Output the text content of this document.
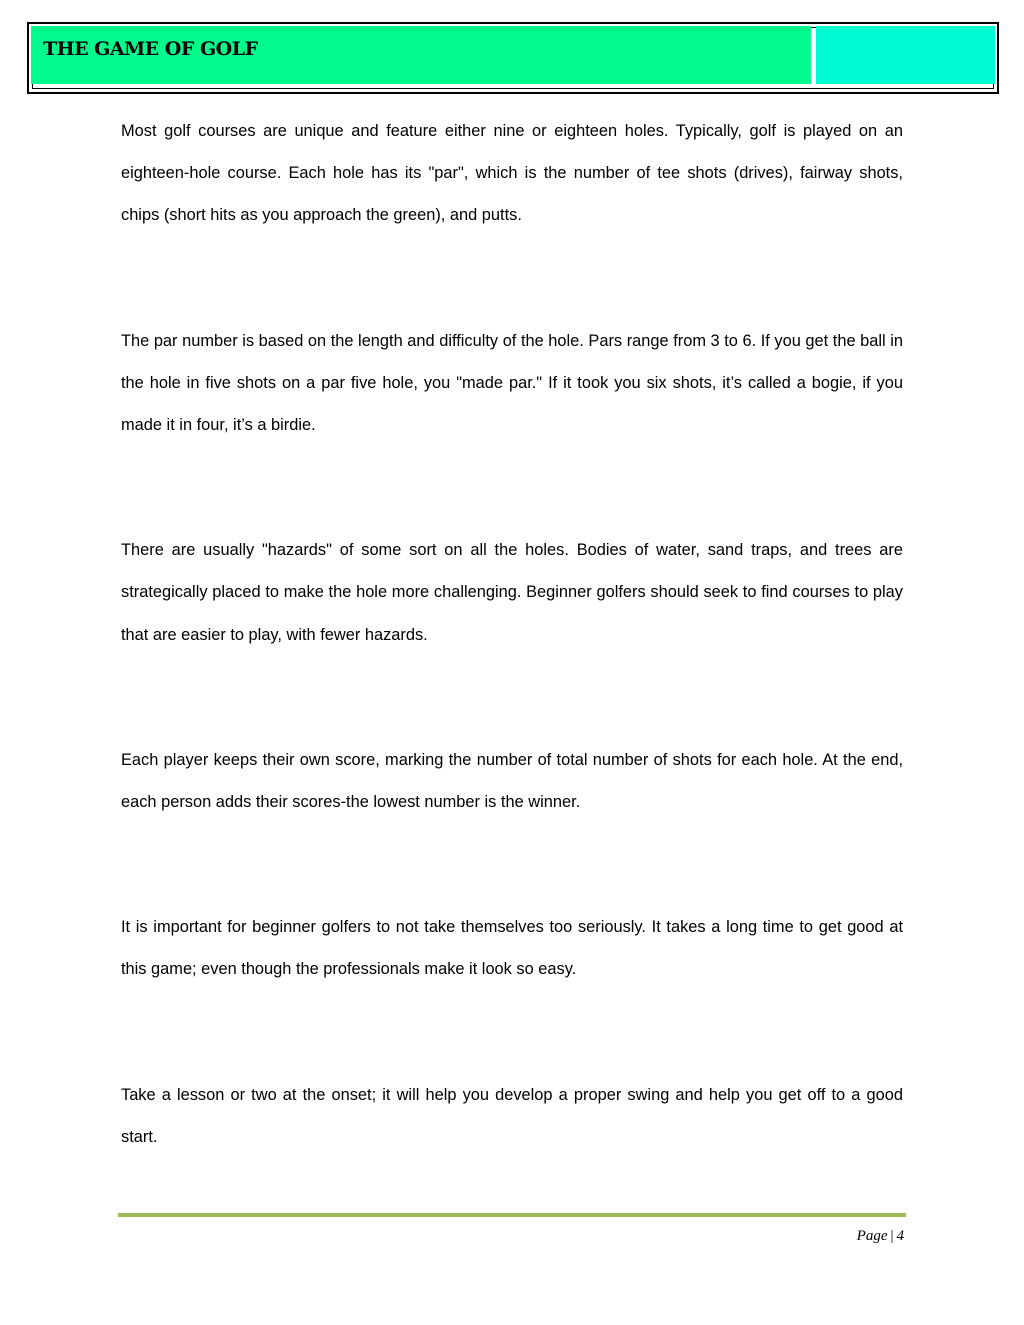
THE GAME OF GOLF

Most golf courses are unique and feature either nine or eighteen holes. Typically, golf is played on an eighteen-hole course. Each hole has its "par", which is the number of tee shots (drives), fairway shots, chips (short hits as you approach the green), and putts.

The par number is based on the length and difficulty of the hole. Pars range from 3 to 6. If you get the ball in the hole in five shots on a par five hole, you "made par." If it took you six shots, it’s called a bogie, if you made it in four, it’s a birdie.

There are usually "hazards" of some sort on all the holes. Bodies of water, sand traps, and trees are strategically placed to make the hole more challenging. Beginner golfers should seek to find courses to play that are easier to play, with fewer hazards.

Each player keeps their own score, marking the number of total number of shots for each hole. At the end, each person adds their scores-the lowest number is the winner.

It is important for beginner golfers to not take themselves too seriously. It takes a long time to get good at this game; even though the professionals make it look so easy.

Take a lesson or two at the onset; it will help you develop a proper swing and help you get off to a good start.

Page | 4
